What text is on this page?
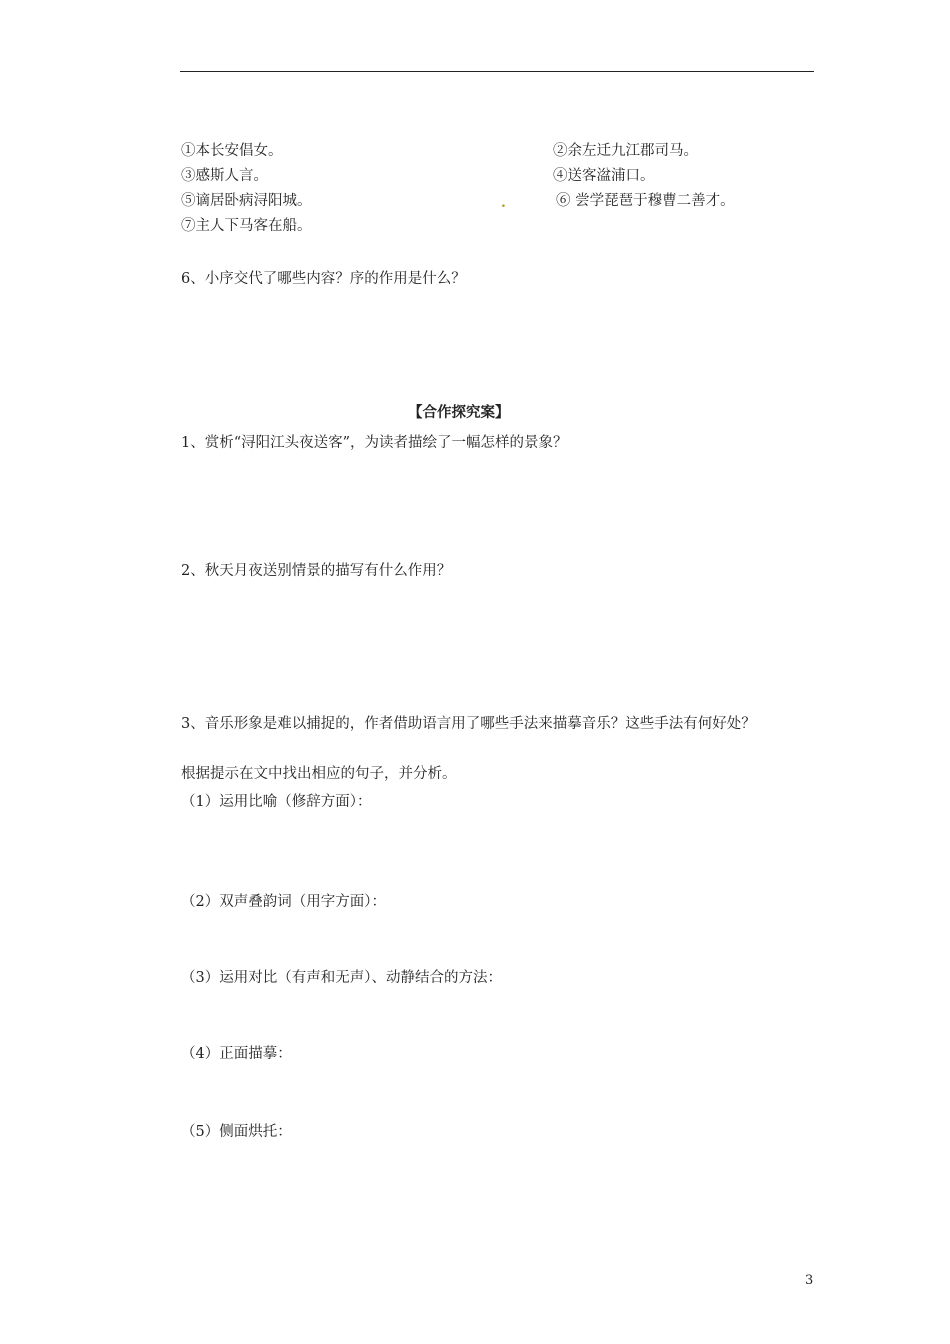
①本长安倡女。	②余左迁九江郡司马。
③感斯人言。	④送客湓浦口。
⑤谪居卧病浔阳城。	.	⑥ 尝学琵琶于穆曹二善才。
⑦主人下马客在船。
6、小序交代了哪些内容？序的作用是什么？
【合作探究案】
1、赏析“浔阳江头夜送客”，为读者描绘了一幅怎样的景象？
2、秋天月夜送别情景的描写有什么作用？
3、音乐形象是难以捕捉的，作者借助语言用了哪些手法来描摹音乐？这些手法有何好处？
根据提示在文中找出相应的句子，并分析。
（1）运用比喻（修辞方面）：
（2）双声叠韵词（用字方面）：
（3）运用对比（有声和无声）、动静结合的方法：
（4）正面描摹：
（5）侧面烘托：
3
